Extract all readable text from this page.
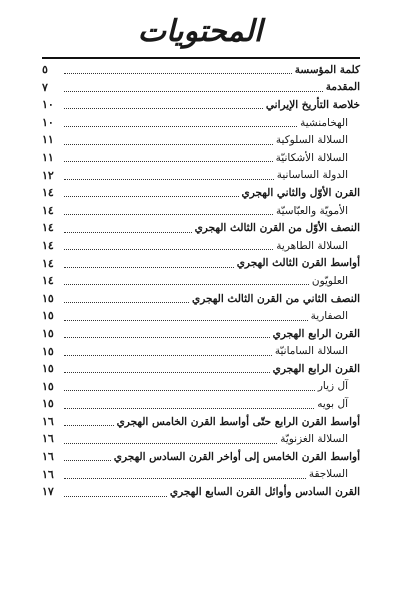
المحتويات
كلمة المؤسسة
٥
المقدمة
٧
خلاصة التأريخ الإيراني
١٠
الهخامنشية
١٠
السلالة السلوكية
١١
السلالة الأشكانيّة
١١
الدولة الساسانية
١٢
القرن الأوّل والثاني الهجري
١٤
الأمويّة والعبّاسيّة
١٤
النصف الأوّل من القرن الثالث الهجري
١٤
السلالة الطاهرية
١٤
أواسط القرن الثالث الهجري
١٤
العلويّون
١٤
النصف الثاني من القرن الثالث الهجري
١٥
الصفارية
١٥
القرن الرابع الهجري
١٥
السلالة السامانيّة
١٥
القرن الرابع الهجري
١٥
آل زيار
١٥
آل بويه
١٥
أواسط القرن الرابع حتّى أواسط القرن الخامس الهجري
١٦
السلالة الغزنويّة
١٦
أواسط القرن الخامس إلى أواخر القرن السادس الهجري
١٦
السلاجقة
١٦
القرن السادس وأوائل القرن السابع الهجري
١٧
